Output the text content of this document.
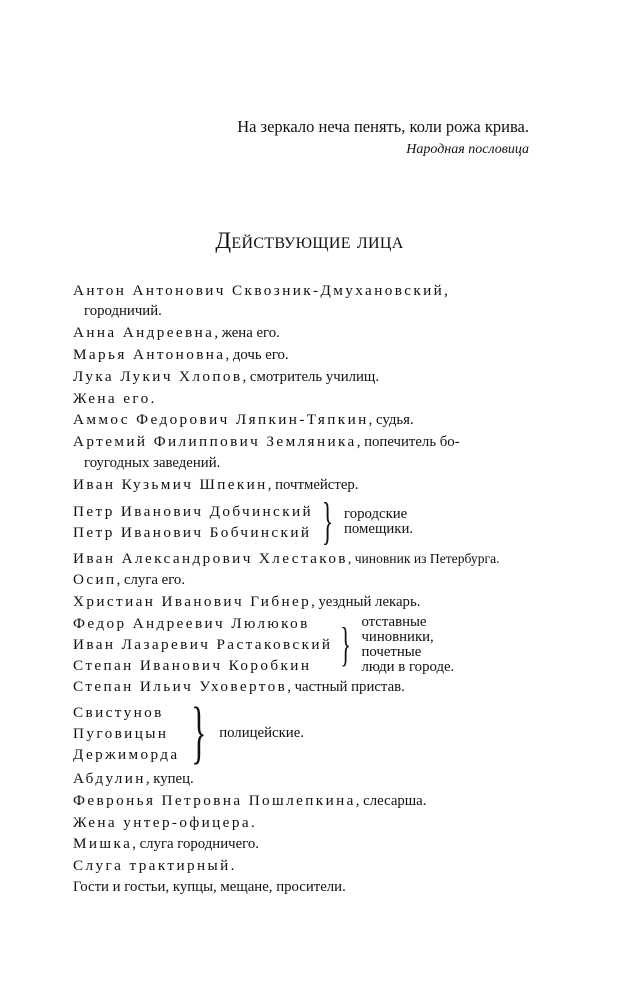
На зеркало неча пенять, коли рожа крива.
Народная пословица
Действующие лица
Антон Антонович Сквозник-Дмухановский,
городничий.
Анна Андреевна, жена его.
Марья Антоновна, дочь его.
Лука Лукич Хлопов, смотритель училищ.
Жена его.
Аммос Федорович Ляпкин-Тяпкин, судья.
Артемий Филиппович Земляника, попечитель бо-
гоугодных заведений.
Иван Кузьмич Шпекин, почтмейстер.
Петр Иванович Добчинский
Петр Иванович Бобчинский } городские
помещики.
Иван Александрович Хлестаков, чиновник из Петербурга.
Осип, слуга его.
Христиан Иванович Гибнер, уездный лекарь.
Федор Андреевич Люлюков
Иван Лазаревич Растаковский
Степан Иванович Коробкин } отставные
чиновники,
почетные
люди в городе.
Степан Ильич Уховертов, частный пристав.
Свистунов
Пуговицын
Держиморда } полицейские.
Абдулин, купец.
Февронья Петровна Пошлепкина, слесарша.
Жена унтер-офицера.
Мишка, слуга городничего.
Слуга трактирный.
Гости и гостьи, купцы, мещане, просители.
